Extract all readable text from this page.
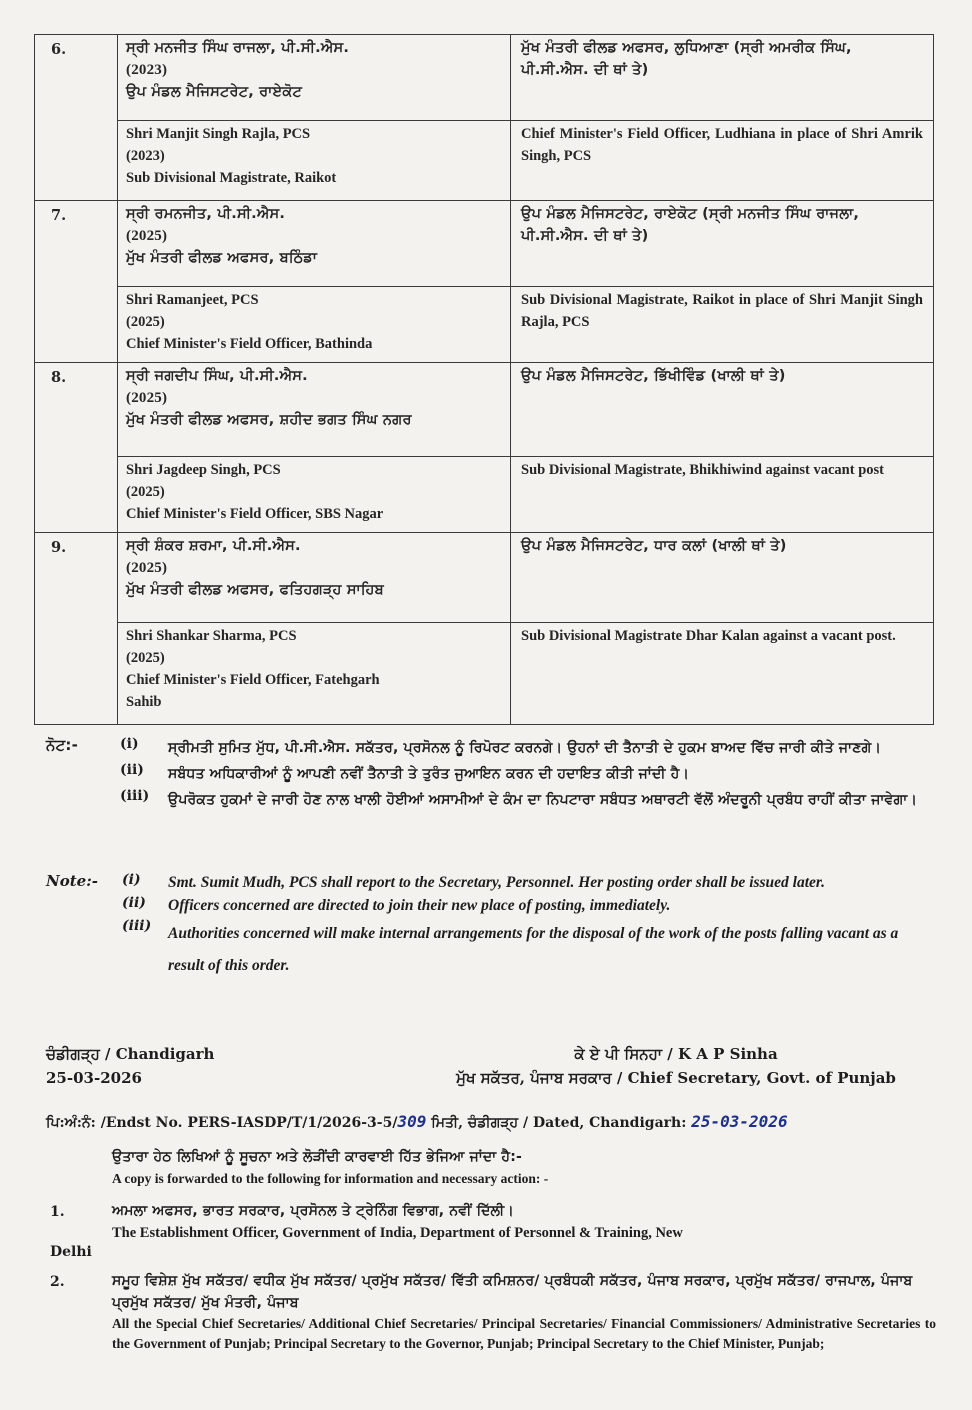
6.	ਸ੍ਰੀ ਮਨਜੀਤ ਸਿੰਘ ਰਾਜਲਾ, ਪੀ.ਸੀ.ਐਸ.
(2023)
ਉਪ ਮੰਡਲ ਮੈਜਿਸਟਰੇਟ, ਰਾਏਕੋਟ	ਮੁੱਖ ਮੰਤਰੀ ਫੀਲਡ ਅਫਸਰ, ਲੁਧਿਆਣਾ (ਸ੍ਰੀ ਅਮਰੀਕ ਸਿੰਘ, ਪੀ.ਸੀ.ਐਸ. ਦੀ ਥਾਂ ਤੇ)

	Shri Manjit Singh Rajla, PCS
(2023)
Sub Divisional Magistrate, Raikot	Chief Minister's Field Officer, Ludhiana in place of Shri Amrik Singh, PCS
7.	ਸ੍ਰੀ ਰਮਨਜੀਤ, ਪੀ.ਸੀ.ਐਸ.
(2025)
ਮੁੱਖ ਮੰਤਰੀ ਫੀਲਡ ਅਫਸਰ, ਬਠਿੰਡਾ	ਉਪ ਮੰਡਲ ਮੈਜਿਸਟਰੇਟ, ਰਾਏਕੋਟ (ਸ੍ਰੀ ਮਨਜੀਤ ਸਿੰਘ ਰਾਜਲਾ, ਪੀ.ਸੀ.ਐਸ. ਦੀ ਥਾਂ ਤੇ)

	Shri Ramanjeet, PCS
(2025)
Chief Minister's Field Officer, Bathinda	Sub Divisional Magistrate, Raikot in place of Shri Manjit Singh Rajla, PCS
8.	ਸ੍ਰੀ ਜਗਦੀਪ ਸਿੰਘ, ਪੀ.ਸੀ.ਐਸ.
(2025)
ਮੁੱਖ ਮੰਤਰੀ ਫੀਲਡ ਅਫਸਰ, ਸ਼ਹੀਦ ਭਗਤ ਸਿੰਘ ਨਗਰ	ਉਪ ਮੰਡਲ ਮੈਜਿਸਟਰੇਟ, ਭਿੱਖੀਵਿੰਡ (ਖਾਲੀ ਥਾਂ ਤੇ)

	Shri Jagdeep Singh, PCS
(2025)
Chief Minister's Field Officer, SBS Nagar	Sub Divisional Magistrate, Bhikhiwind against vacant post
9.	ਸ੍ਰੀ ਸ਼ੰਕਰ ਸ਼ਰਮਾ, ਪੀ.ਸੀ.ਐਸ.
(2025)
ਮੁੱਖ ਮੰਤਰੀ ਫੀਲਡ ਅਫਸਰ, ਫਤਿਹਗੜ੍ਹ ਸਾਹਿਬ	ਉਪ ਮੰਡਲ ਮੈਜਿਸਟਰੇਟ, ਧਾਰ ਕਲਾਂ (ਖਾਲੀ ਥਾਂ ਤੇ)

	Shri Shankar Sharma, PCS
(2025)
Chief Minister's Field Officer, Fatehgarh
Sahib	Sub Divisional Magistrate Dhar Kalan against a vacant post.
ਨੋਟ:-	(i) ਸ੍ਰੀਮਤੀ ਸੁਮਿਤ ਮੁੱਧ, ਪੀ.ਸੀ.ਐਸ. ਸਕੱਤਰ, ਪ੍ਰਸੋਨਲ ਨੂੰ ਰਿਪੋਰਟ ਕਰਨਗੇ। ਉਹਨਾਂ ਦੀ ਤੈਨਾਤੀ ਦੇ ਹੁਕਮ ਬਾਅਦ ਵਿੱਚ ਜਾਰੀ ਕੀਤੇ ਜਾਣਗੇ।
(ii) ਸਬੰਧਤ ਅਧਿਕਾਰੀਆਂ ਨੂੰ ਆਪਣੀ ਨਵੀਂ ਤੈਨਾਤੀ ਤੇ ਤੁਰੰਤ ਜੁਆਇਨ ਕਰਨ ਦੀ ਹਦਾਇਤ ਕੀਤੀ ਜਾਂਦੀ ਹੈ।
(iii) ਉਪਰੋਕਤ ਹੁਕਮਾਂ ਦੇ ਜਾਰੀ ਹੋਣ ਨਾਲ ਖਾਲੀ ਹੋਈਆਂ ਅਸਾਮੀਆਂ ਦੇ ਕੰਮ ਦਾ ਨਿਪਟਾਰਾ ਸਬੰਧਤ ਅਥਾਰਟੀ ਵੱਲੋਂ ਅੰਦਰੂਨੀ ਪ੍ਰਬੰਧ ਰਾਹੀਂ ਕੀਤਾ ਜਾਵੇਗਾ।
Note:- (i) Smt. Sumit Mudh, PCS shall report to the Secretary, Personnel. Her posting order shall be issued later.
(ii) Officers concerned are directed to join their new place of posting, immediately.
(iii) Authorities concerned will make internal arrangements for the disposal of the work of the posts falling vacant as a result of this order.
ਚੰਡੀਗੜ੍ਹ / Chandigarh
25-03-2026
ਕੇ ਏ ਪੀ ਸਿਨਹਾ / K A P Sinha
ਮੁੱਖ ਸਕੱਤਰ, ਪੰਜਾਬ ਸਰਕਾਰ / Chief Secretary, Govt. of Punjab
ਪਿ:ਅੰ:ਨੰ: /Endst No. PERS-IASDP/T/1/2026-3-5/309 ਮਿਤੀ, ਚੰਡੀਗੜ੍ਹ / Dated, Chandigarh: 25-03-2026
ਉਤਾਰਾ ਹੇਠ ਲਿਖਿਆਂ ਨੂੰ ਸੂਚਨਾ ਅਤੇ ਲੋੜੀਂਦੀ ਕਾਰਵਾਈ ਹਿੱਤ ਭੇਜਿਆ ਜਾਂਦਾ ਹੈ:-
A copy is forwarded to the following for information and necessary action: -
1.	ਅਮਲਾ ਅਫਸਰ, ਭਾਰਤ ਸਰਕਾਰ, ਪ੍ਰਸੋਨਲ ਤੇ ਟ੍ਰੇਨਿੰਗ ਵਿਭਾਗ, ਨਵੀਂ ਦਿੱਲੀ।
The Establishment Officer, Government of India, Department of Personnel & Training, New
Delhi
2.	ਸਮੂਹ ਵਿਸ਼ੇਸ਼ ਮੁੱਖ ਸਕੱਤਰ/ ਵਧੀਕ ਮੁੱਖ ਸਕੱਤਰ/ ਪ੍ਰਮੁੱਖ ਸਕੱਤਰ/ ਵਿੱਤੀ ਕਮਿਸ਼ਨਰ/ ਪ੍ਰਬੰਧਕੀ ਸਕੱਤਰ, ਪੰਜਾਬ ਸਰਕਾਰ, ਪ੍ਰਮੁੱਖ ਸਕੱਤਰ/ ਰਾਜਪਾਲ, ਪੰਜਾਬ ਪ੍ਰਮੁੱਖ ਸਕੱਤਰ/ ਮੁੱਖ ਮੰਤਰੀ, ਪੰਜਾਬ
All the Special Chief Secretaries/ Additional Chief Secretaries/ Principal Secretaries/ Financial Commissioners/ Administrative Secretaries to the Government of Punjab; Principal Secretary to the Governor, Punjab; Principal Secretary to the Chief Minister, Punjab;
